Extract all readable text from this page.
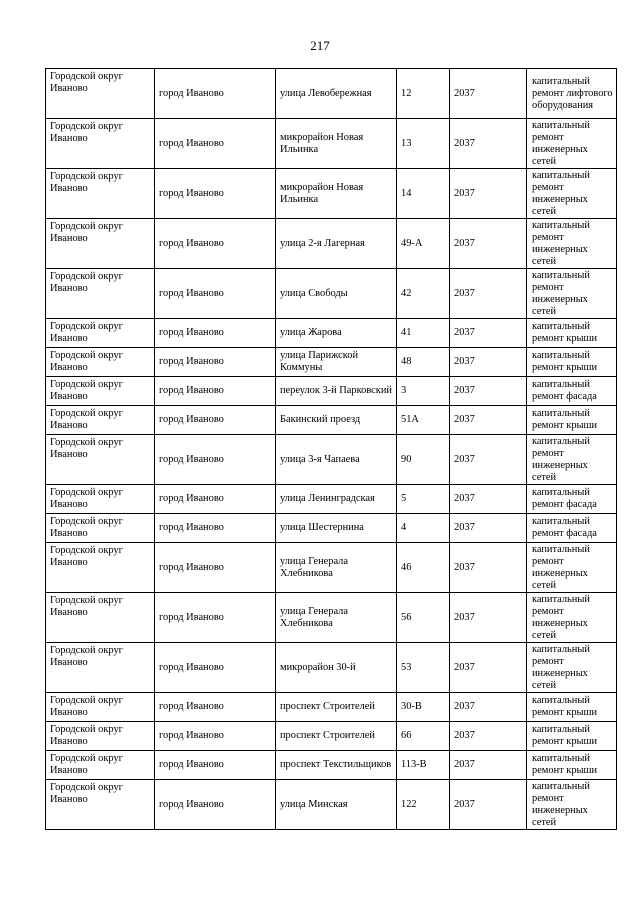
217
Городской округ Иваново	город Иваново	улица Левобережная	12	2037	капитальный ремонт лифтового оборудования
Городской округ Иваново	город Иваново	микрорайон Новая Ильинка	13	2037	капитальный ремонт инженерных сетей
Городской округ Иваново	город Иваново	микрорайон Новая Ильинка	14	2037	капитальный ремонт инженерных сетей
Городской округ Иваново	город Иваново	улица 2-я Лагерная	49-А	2037	капитальный ремонт инженерных сетей
Городской округ Иваново	город Иваново	улица Свободы	42	2037	капитальный ремонт инженерных сетей
Городской округ Иваново	город Иваново	улица Жарова	41	2037	капитальный ремонт крыши
Городской округ Иваново	город Иваново	улица Парижской Коммуны	48	2037	капитальный ремонт крыши
Городской округ Иваново	город Иваново	переулок 3-й Парковский	3	2037	капитальный ремонт фасада
Городской округ Иваново	город Иваново	Бакинский проезд	51А	2037	капитальный ремонт крыши
Городской округ Иваново	город Иваново	улица 3-я Чапаева	90	2037	капитальный ремонт инженерных сетей
Городской округ Иваново	город Иваново	улица Ленинградская	5	2037	капитальный ремонт фасада
Городской округ Иваново	город Иваново	улица Шестернина	4	2037	капитальный ремонт фасада
Городской округ Иваново	город Иваново	улица Генерала Хлебникова	46	2037	капитальный ремонт инженерных сетей
Городской округ Иваново	город Иваново	улица Генерала Хлебникова	56	2037	капитальный ремонт инженерных сетей
Городской округ Иваново	город Иваново	микрорайон 30-й	53	2037	капитальный ремонт инженерных сетей
Городской округ Иваново	город Иваново	проспект Строителей	30-В	2037	капитальный ремонт крыши
Городской округ Иваново	город Иваново	проспект Строителей	66	2037	капитальный ремонт крыши
Городской округ Иваново	город Иваново	проспект Текстильщиков	113-В	2037	капитальный ремонт крыши
Городской округ Иваново	город Иваново	улица Минская	122	2037	капитальный ремонт инженерных сетей
